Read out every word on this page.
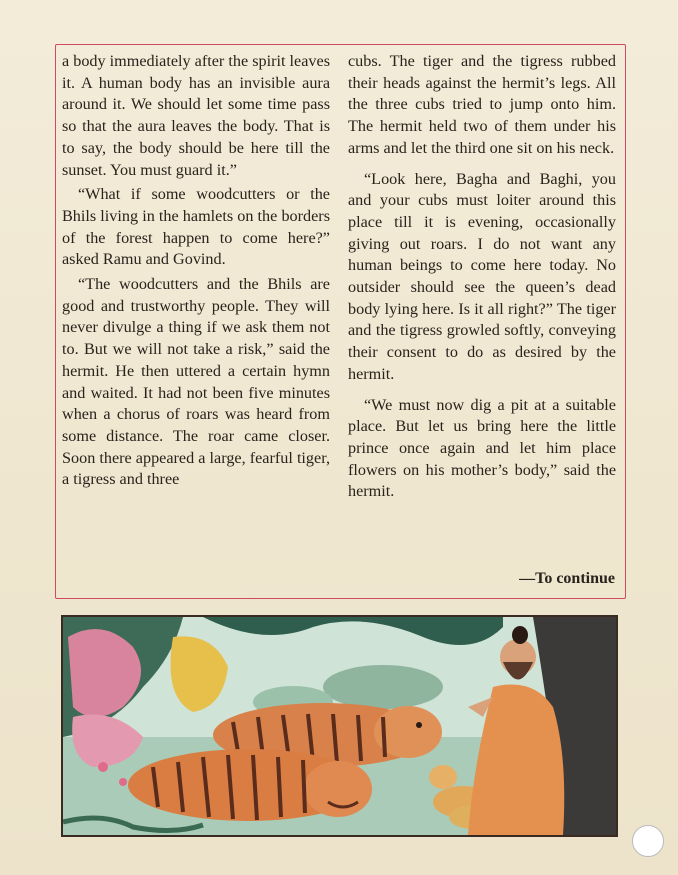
a body immediately after the spirit leaves it. A human body has an invisible aura around it. We should let some time pass so that the aura leaves the body. That is to say, the body should be here till the sunset. You must guard it.”

“What if some woodcutters or the Bhils living in the hamlets on the borders of the forest happen to come here?” asked Ramu and Govind.

“The woodcutters and the Bhils are good and trustworthy people. They will never divulge a thing if we ask them not to. But we will not take a risk,” said the hermit. He then uttered a certain hymn and waited. It had not been five minutes when a chorus of roars was heard from some distance. The roar came closer. Soon there appeared a large, fearful tiger, a tigress and three

cubs. The tiger and the tigress rubbed their heads against the hermit’s legs. All the three cubs tried to jump onto him. The hermit held two of them under his arms and let the third one sit on his neck.

“Look here, Bagha and Baghi, you and your cubs must loiter around this place till it is evening, occasionally giving out roars. I do not want any human beings to come here today. No outsider should see the queen’s dead body lying here. Is it all right?” The tiger and the tigress growled softly, conveying their consent to do as desired by the hermit.

“We must now dig a pit at a suitable place. But let us bring here the little prince once again and let him place flowers on his mother’s body,” said the hermit.

—To continue
